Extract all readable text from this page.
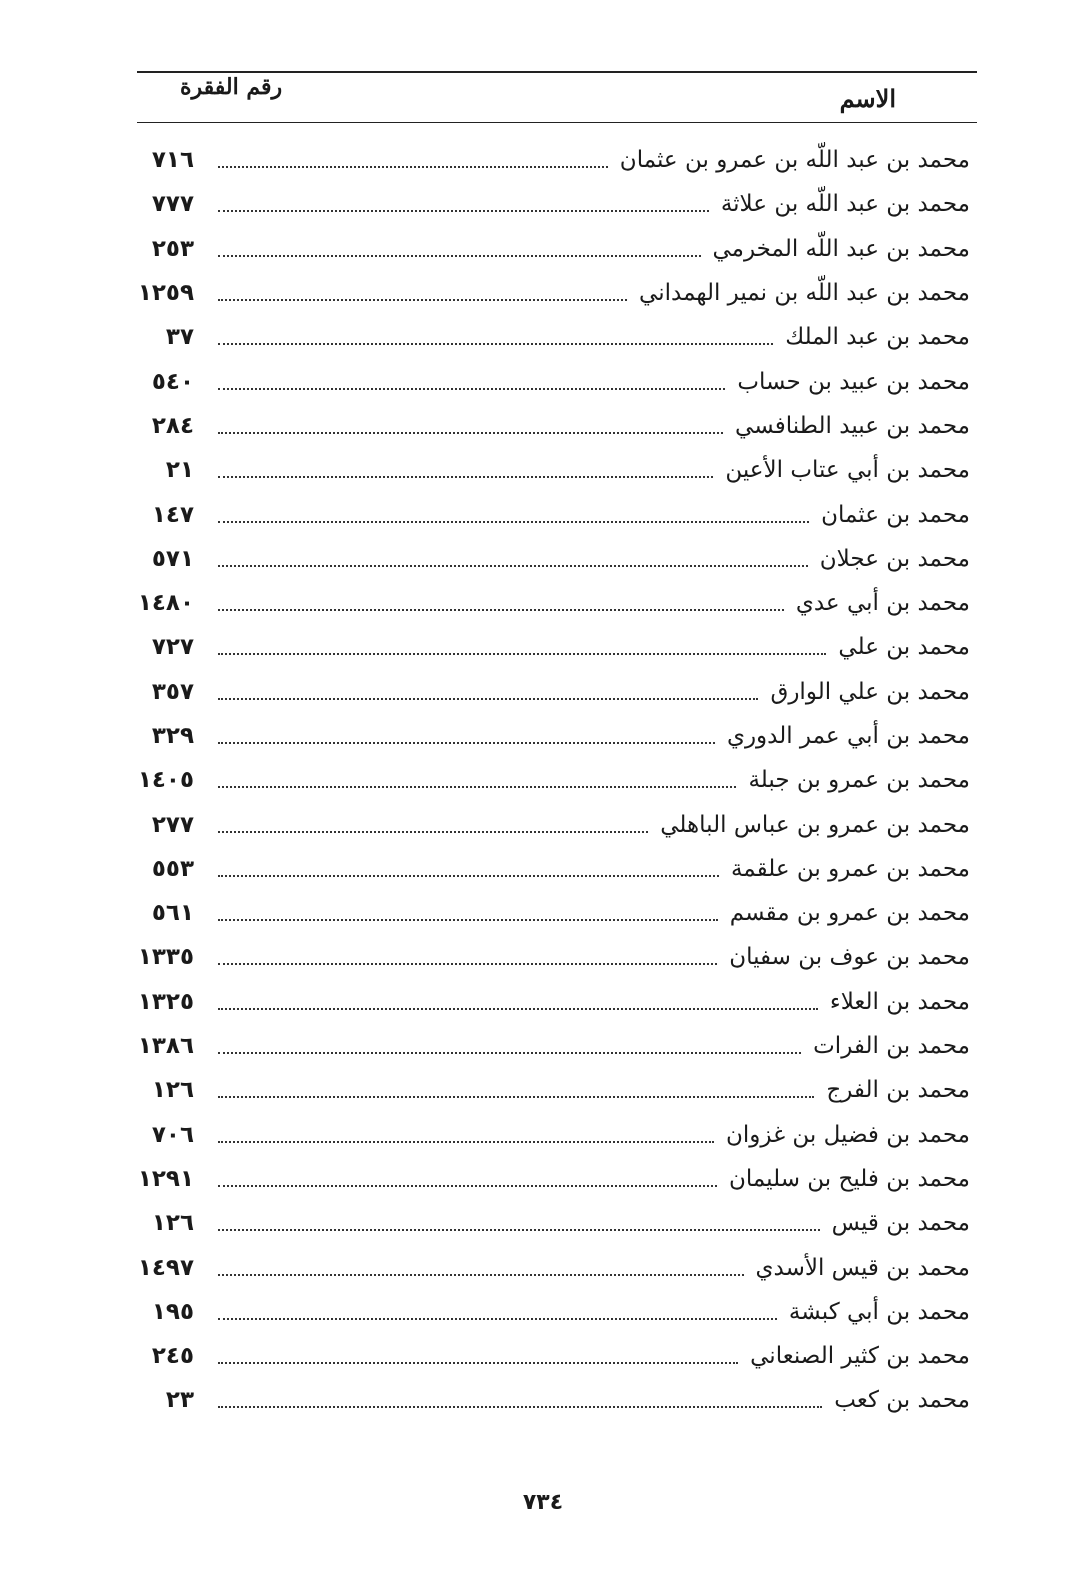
رقم الفقرة	الاسم
٧١٦	محمد بن عبد اللّه بن عمرو بن عثمان
٧٧٧	محمد بن عبد اللّه بن علاثة
٢٥٣	محمد بن عبد اللّه المخرمي
١٢٥٩	محمد بن عبد اللّه بن نمير الهمداني
٣٧	محمد بن عبد الملك
٥٤٠	محمد بن عبيد بن حساب
٢٨٤	محمد بن عبيد الطنافسي
٢١	محمد بن أبي عتاب الأعين
١٤٧	محمد بن عثمان
٥٧١	محمد بن عجلان
١٤٨٠	محمد بن أبي عدي
٧٢٧	محمد بن علي
٣٥٧	محمد بن علي الوارق
٣٢٩	محمد بن أبي عمر الدوري
١٤٠٥	محمد بن عمرو بن جبلة
٢٧٧	محمد بن عمرو بن عباس الباهلي
٥٥٣	محمد بن عمرو بن علقمة
٥٦١	محمد بن عمرو بن مقسم
١٣٣٥	محمد بن عوف بن سفيان
١٣٢٥	محمد بن العلاء
١٣٨٦	محمد بن الفرات
١٢٦	محمد بن الفرج
٧٠٦	محمد بن فضيل بن غزوان
١٢٩١	محمد بن فليح بن سليمان
١٢٦	محمد بن قيس
١٤٩٧	محمد بن قيس الأسدي
١٩٥	محمد بن أبي كبشة
٢٤٥	محمد بن كثير الصنعاني
٢٣	محمد بن كعب
٧٣٤
